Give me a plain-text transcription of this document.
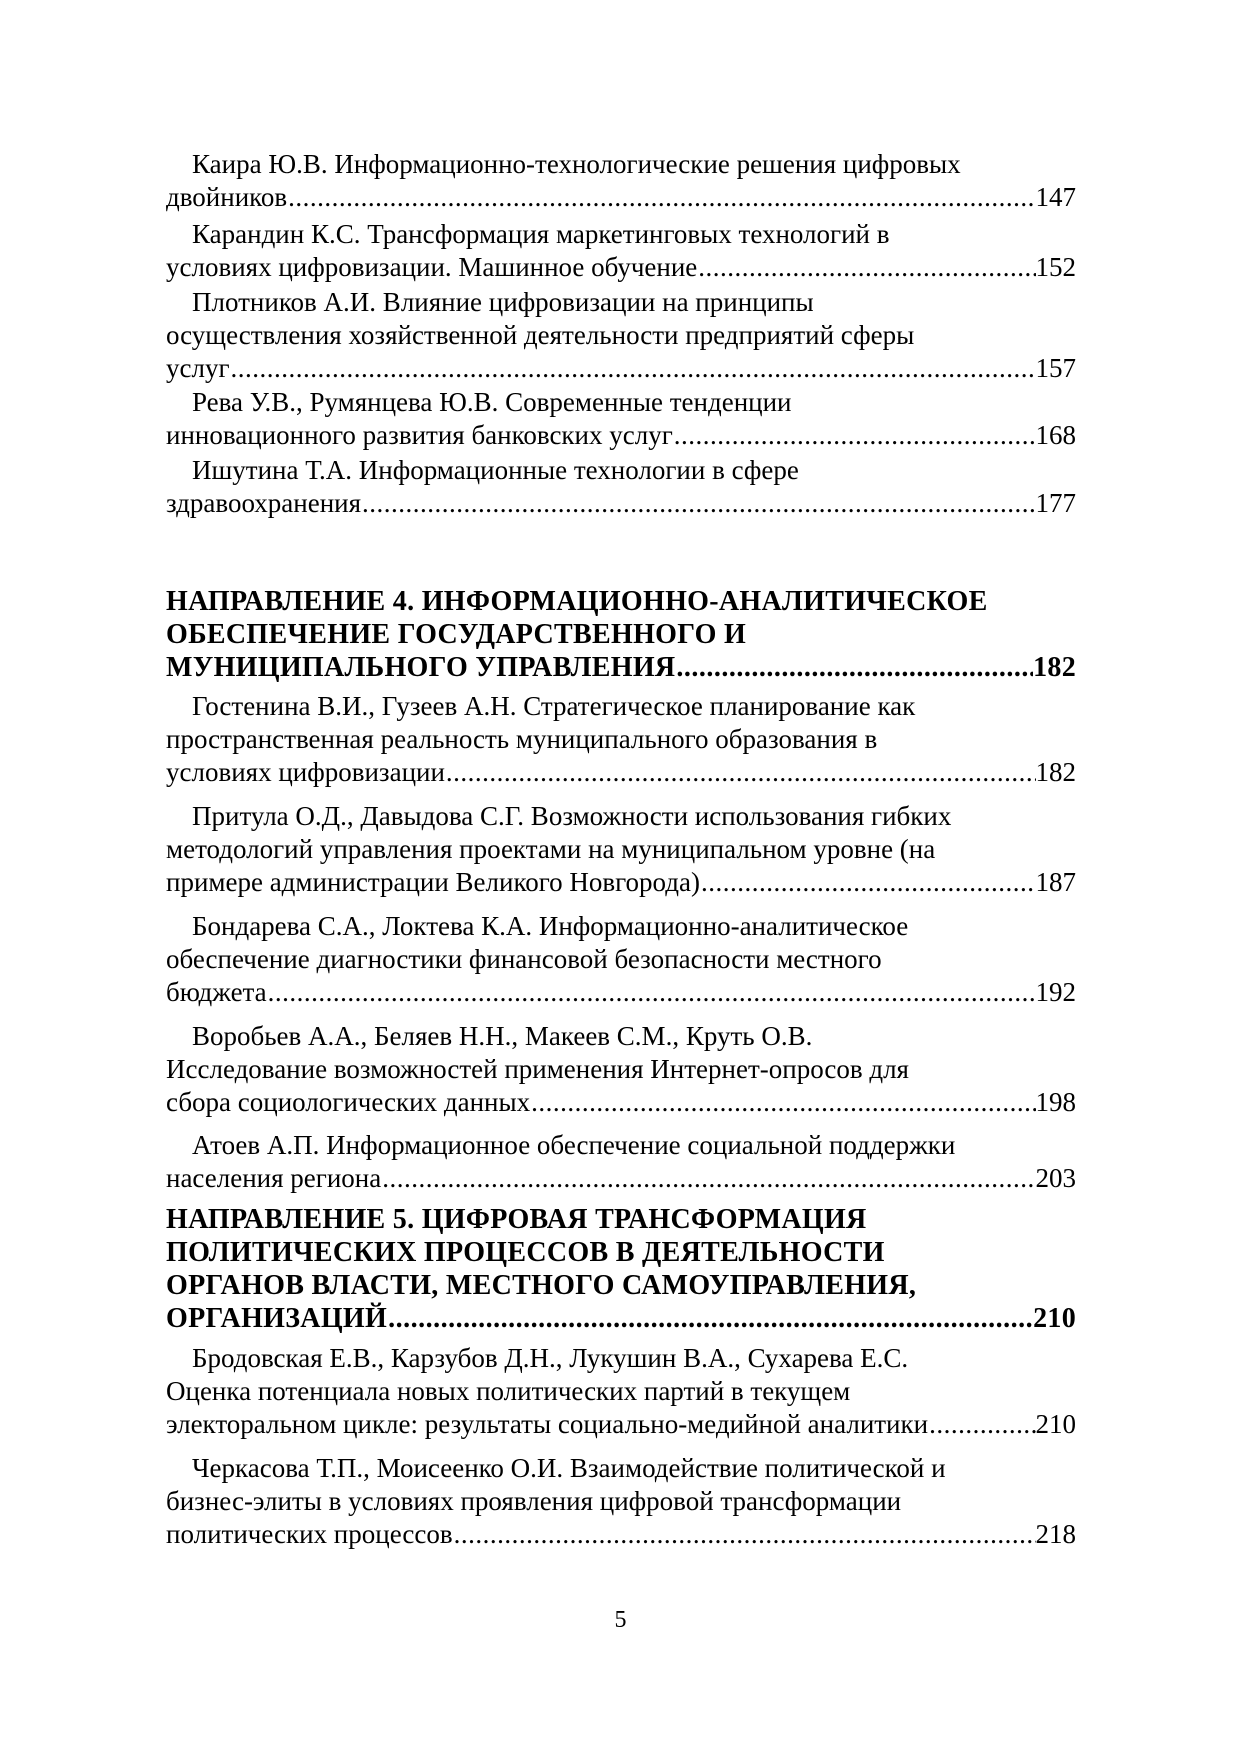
Каира Ю.В. Информационно-технологические решения цифровых
двойников .....	147
Карандин К.С. Трансформация маркетинговых технологий в
условиях цифровизации. Машинное обучение .....	152
Плотников А.И. Влияние цифровизации на принципы
осуществления хозяйственной деятельности предприятий сферы
услуг .....	157
Рева У.В., Румянцева Ю.В. Современные тенденции
инновационного развития банковских услуг .....	168
Ишутина Т.А. Информационные технологии в сфере
здравоохранения .....	177
НАПРАВЛЕНИЕ 4. ИНФОРМАЦИОННО-АНАЛИТИЧЕСКОЕ
ОБЕСПЕЧЕНИЕ ГОСУДАРСТВЕННОГО И
МУНИЦИПАЛЬНОГО УПРАВЛЕНИЯ .....	182
Гостенина В.И., Гузеев А.Н. Стратегическое планирование как
пространственная реальность муниципального образования в
условиях цифровизации .....	182
Притула О.Д., Давыдова С.Г. Возможности использования гибких
методологий управления проектами на муниципальном уровне (на
примере администрации Великого Новгорода) .....	187
Бондарева С.А., Локтева К.А. Информационно-аналитическое
обеспечение диагностики финансовой безопасности местного
бюджета .....	192
Воробьев А.А., Беляев Н.Н., Макеев С.М., Круть О.В.
Исследование возможностей применения Интернет-опросов для
сбора социологических данных .....	198
Атоев А.П. Информационное обеспечение социальной поддержки
населения региона .....	203
НАПРАВЛЕНИЕ 5. ЦИФРОВАЯ ТРАНСФОРМАЦИЯ
ПОЛИТИЧЕСКИХ ПРОЦЕССОВ В ДЕЯТЕЛЬНОСТИ
ОРГАНОВ ВЛАСТИ, МЕСТНОГО САМОУПРАВЛЕНИЯ,
ОРГАНИЗАЦИЙ .....	210
Бродовская Е.В., Карзубов Д.Н., Лукушин В.А., Сухарева Е.С.
Оценка потенциала новых политических партий в текущем
электоральном цикле: результаты социально-медийной аналитики .....	210
Черкасова Т.П., Моисеенко О.И. Взаимодействие политической и
бизнес-элиты в условиях проявления цифровой трансформации
политических процессов .....	218
5
